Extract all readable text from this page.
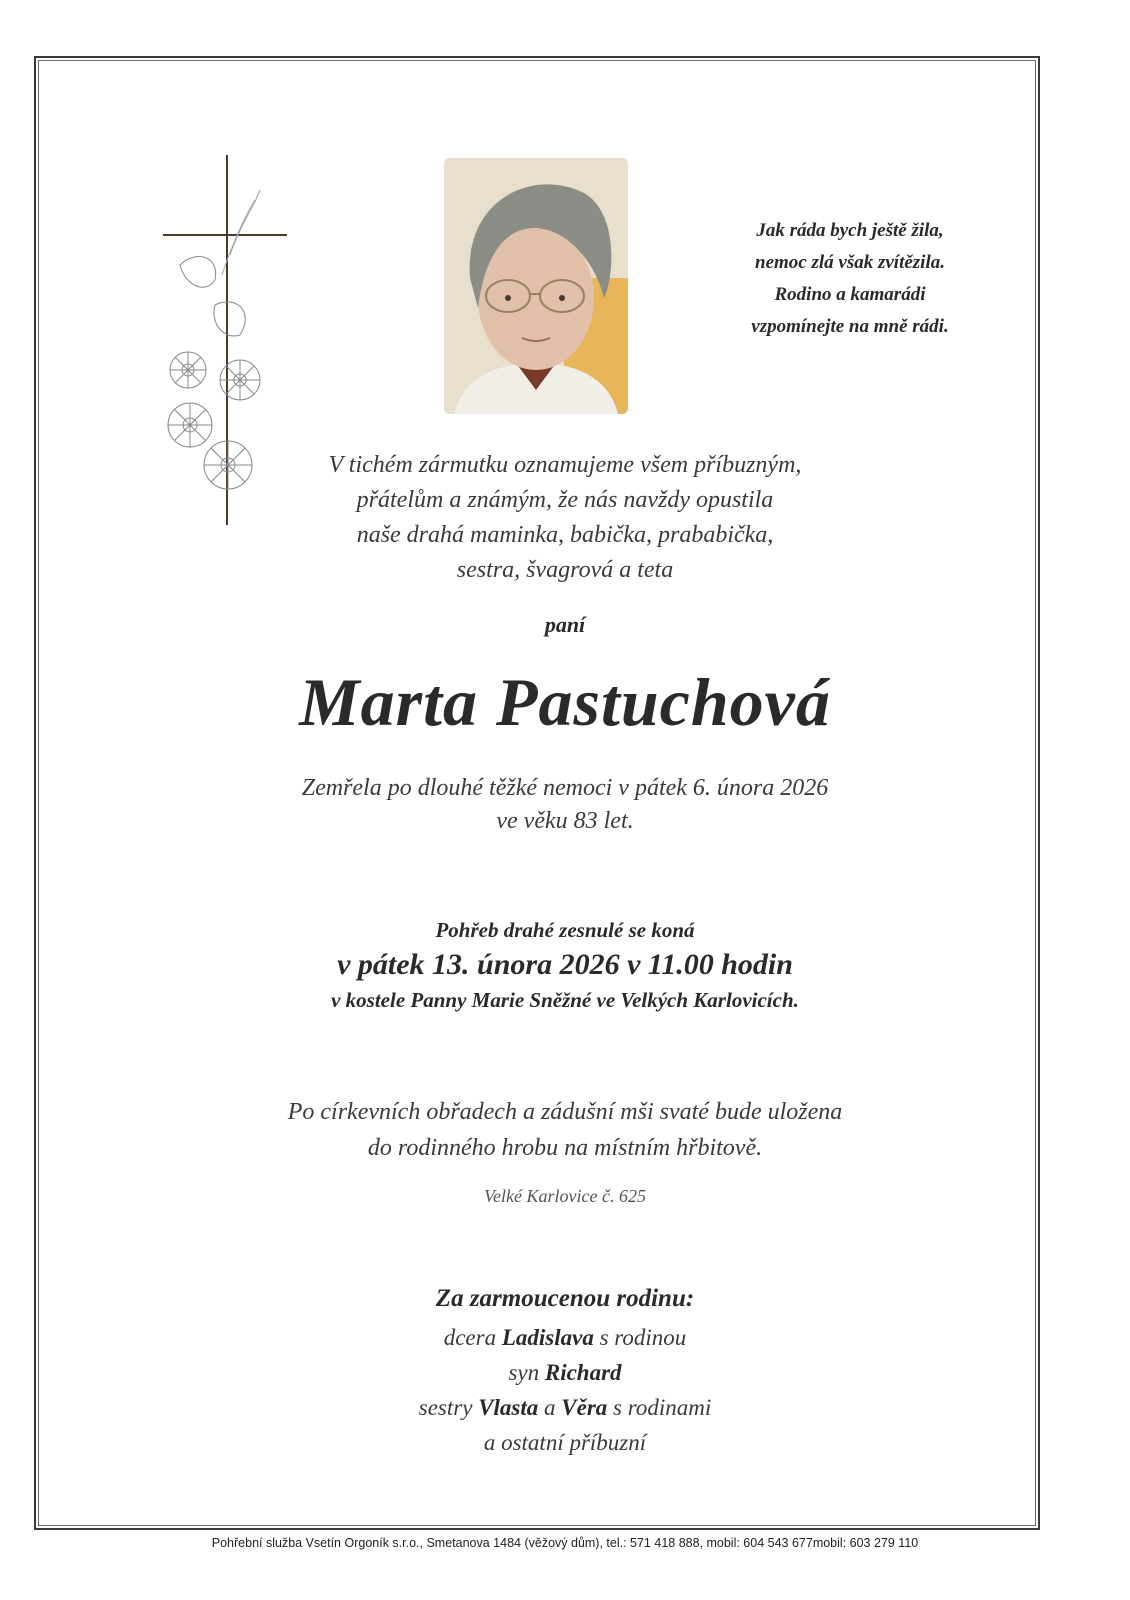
Jak ráda bych ještě žila,
nemoc zlá však zvítězila.
Rodino a kamarádi
vzpomínejte na mně rádi.
V tichém zármutku oznamujeme všem příbuzným,
přátelům a známým, že nás navždy opustila
naše drahá maminka, babička, prababička,
sestra, švagrová a teta
paní
Marta Pastuchová
Zemřela po dlouhé těžké nemoci v pátek 6. února 2026
ve věku 83 let.
Pohřeb drahé zesnulé se koná
v pátek 13. února 2026 v 11.00 hodin
v kostele Panny Marie Sněžné ve Velkých Karlovicích.
Po církevních obřadech a zádušní mši svaté bude uložena
do rodinného hrobu na místním hřbitově.
Velké Karlovice č. 625
Za zarmoucenou rodinu:
dcera Ladislava s rodinou
syn Richard
sestry Vlasta a Věra s rodinami
a ostatní příbuzní
Pohřební služba Vsetín Orgoník s.r.o., Smetanova 1484 (věžový dům), tel.: 571 418 888, mobil: 604 543 677mobil: 603 279 110
